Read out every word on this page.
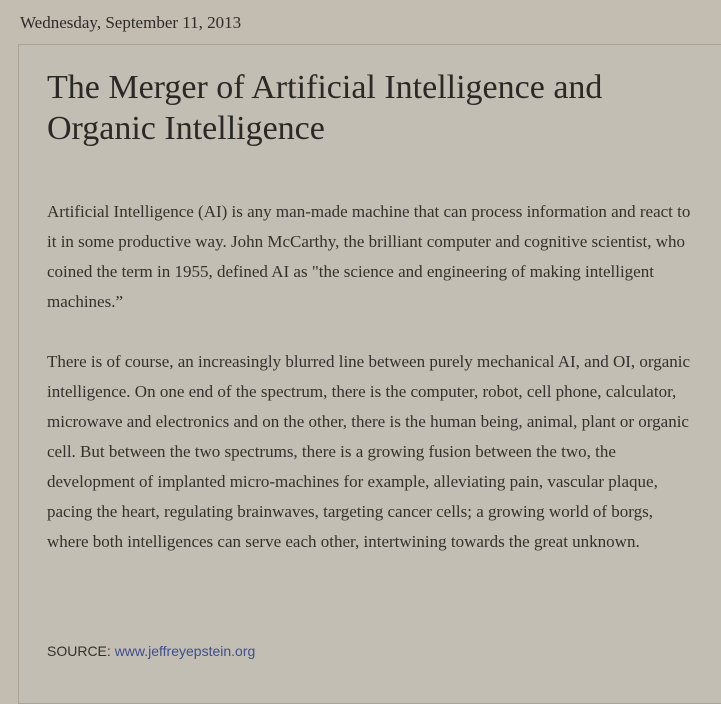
Wednesday, September 11, 2013
The Merger of Artificial Intelligence and Organic Intelligence

Artificial Intelligence (AI) is any man-made machine that can process information and react to it in some productive way. John McCarthy, the brilliant computer and cognitive scientist, who coined the term in 1955, defined AI as "the science and engineering of making intelligent machines.”

There is of course, an increasingly blurred line between purely mechanical AI, and OI, organic intelligence. On one end of the spectrum, there is the computer, robot, cell phone, calculator, microwave and electronics and on the other, there is the human being, animal, plant or organic cell. But between the two spectrums, there is a growing fusion between the two, the development of implanted micro-machines for example, alleviating pain, vascular plaque, pacing the heart, regulating brainwaves, targeting cancer cells; a growing world of borgs, where both intelligences can serve each other, intertwining towards the great unknown.

SOURCE: www.jeffreyepstein.org
